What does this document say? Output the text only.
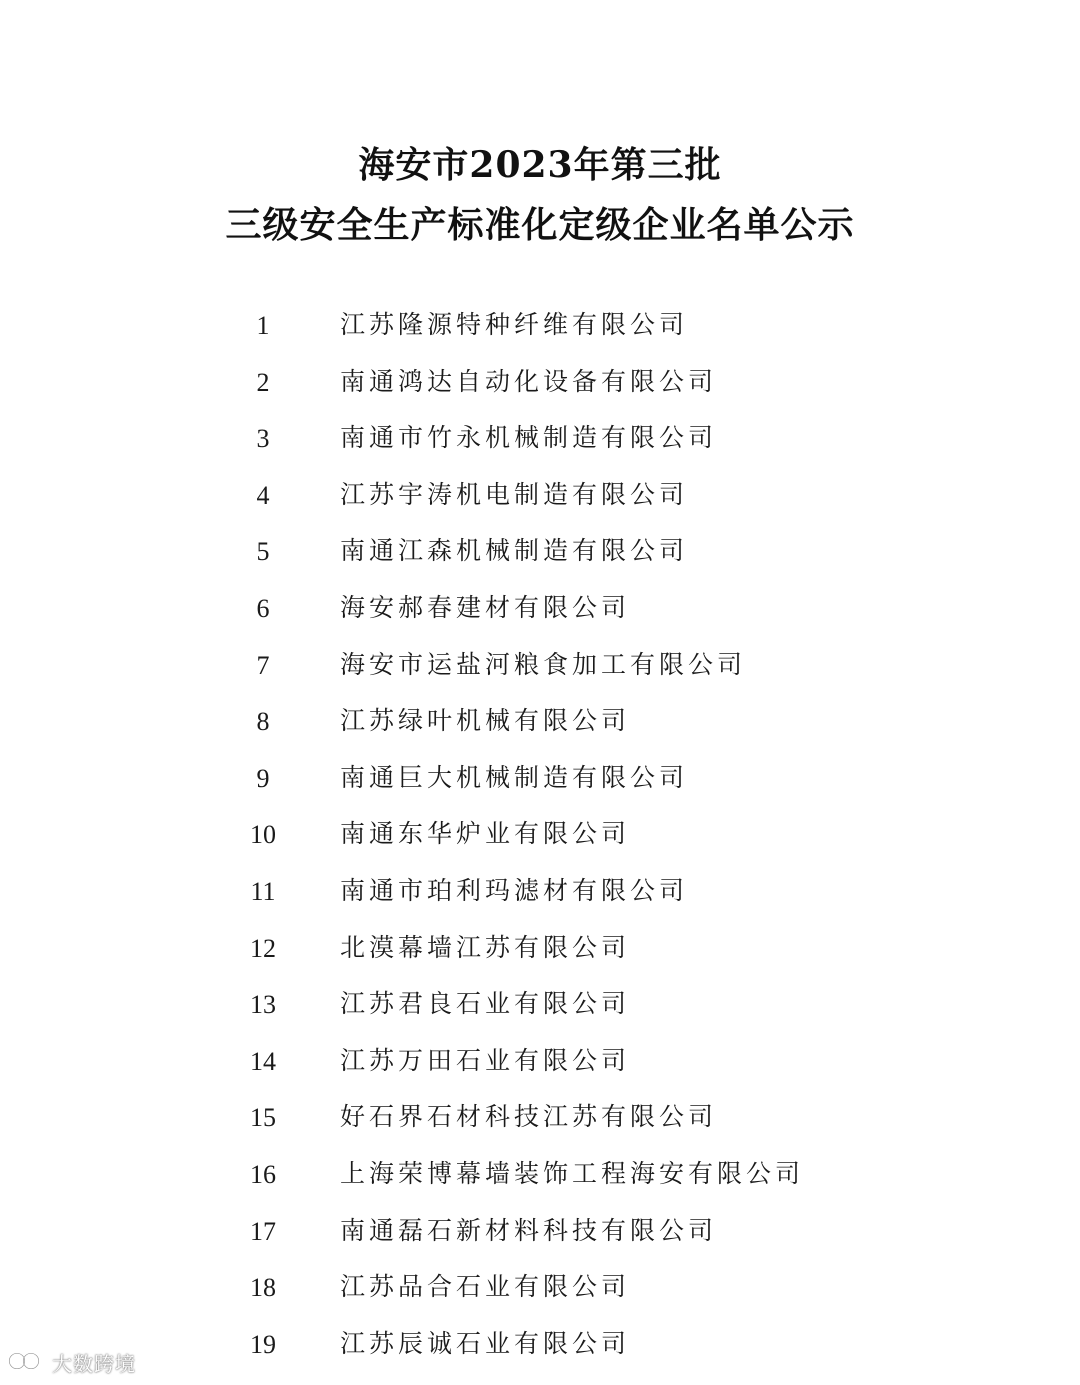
海安市2023年第三批
三级安全生产标准化定级企业名单公示
1	江苏隆源特种纤维有限公司
2	南通鸿达自动化设备有限公司
3	南通市竹永机械制造有限公司
4	江苏宇涛机电制造有限公司
5	南通江森机械制造有限公司
6	海安郝春建材有限公司
7	海安市运盐河粮食加工有限公司
8	江苏绿叶机械有限公司
9	南通巨大机械制造有限公司
10	南通东华炉业有限公司
11	南通市珀利玛滤材有限公司
12	北漠幕墙江苏有限公司
13	江苏君良石业有限公司
14	江苏万田石业有限公司
15	好石界石材科技江苏有限公司
16	上海荣博幕墙装饰工程海安有限公司
17	南通磊石新材料科技有限公司
18	江苏品合石业有限公司
19	江苏辰诚石业有限公司
大数跨境
